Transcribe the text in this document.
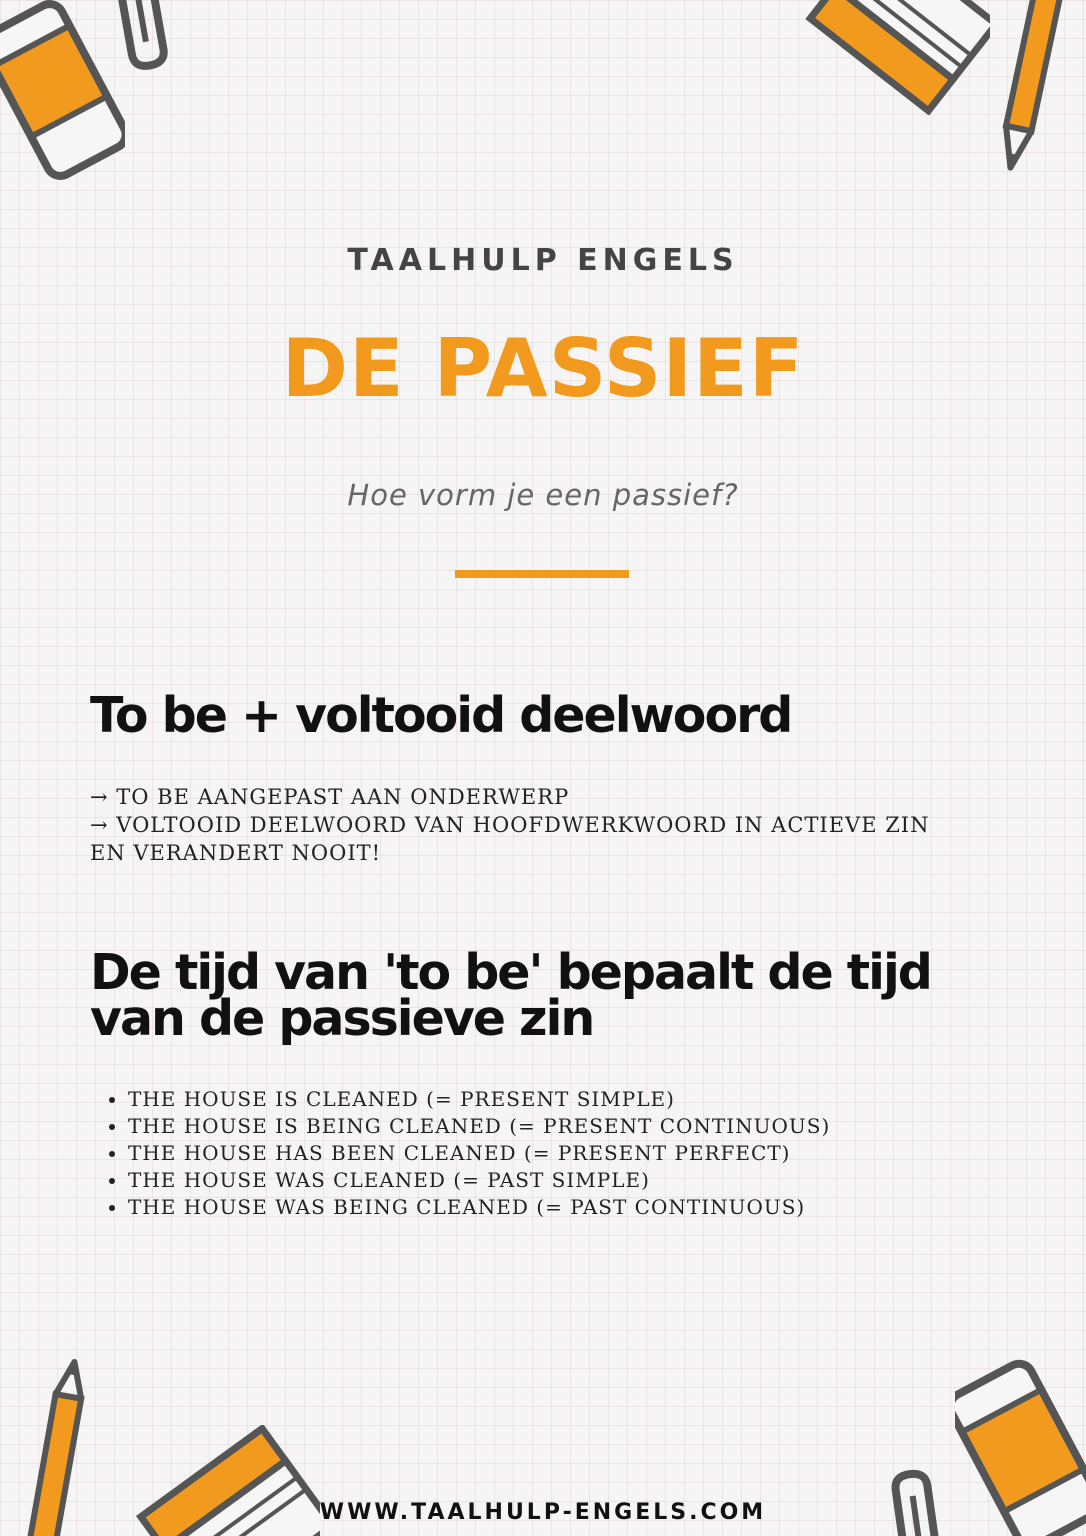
TAALHULP ENGELS
DE PASSIEF
Hoe vorm je een passief?
To be + voltooid deelwoord
→ TO BE AANGEPAST AAN ONDERWERP
→ VOLTOOID DEELWOORD VAN HOOFDWERKWOORD IN ACTIEVE ZIN
EN VERANDERT NOOIT!
De tijd van 'to be' bepaalt de tijd
van de passieve zin
• THE HOUSE IS CLEANED (= PRESENT SIMPLE)
• THE HOUSE IS BEING CLEANED (= PRESENT CONTINUOUS)
• THE HOUSE HAS BEEN CLEANED (= PRESENT PERFECT)
• THE HOUSE WAS CLEANED (= PAST SIMPLE)
• THE HOUSE WAS BEING CLEANED (= PAST CONTINUOUS)
WWW.TAALHULP-ENGELS.COM
